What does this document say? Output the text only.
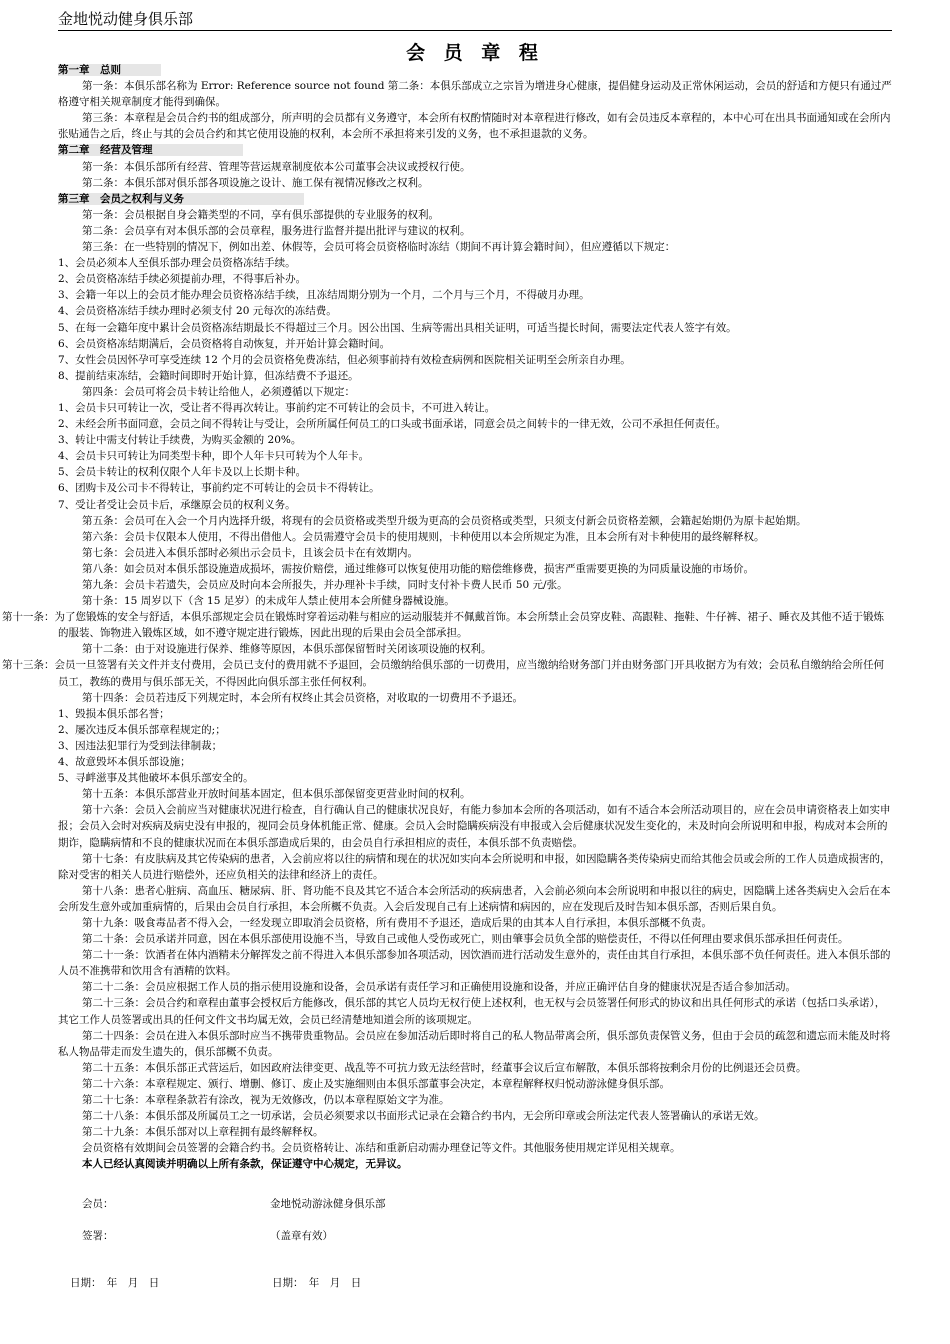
金地悦动健身俱乐部
会 员 章 程

第一章　总则

第一条：本俱乐部名称为 Error: Reference source not found 第二条：本俱乐部成立之宗旨为增进身心健康，提倡健身运动及正常休闲运动，会员的舒适和方便只有通过严格遵守相关规章制度才能得到确保。

第三条：本章程是会员合约书的组成部分，所声明的会员都有义务遵守，本会所有权酌情随时对本章程进行修改，如有会员违反本章程的，本中心可在出具书面通知或在会所内张贴通告之后，终止与其的会员合约和其它使用设施的权利，本会所不承担将来引发的义务，也不承担退款的义务。

第二章　经营及管理

第一条：本俱乐部所有经营、管理等营运规章制度依本公司董事会决议或授权行使。

第二条：本俱乐部对俱乐部各项设施之设计、施工保有视情况修改之权利。

第三章　会员之权利与义务

第一条：会员根据自身会籍类型的不同，享有俱乐部提供的专业服务的权利。

第二条：会员享有对本俱乐部的会员章程，服务进行监督并提出批评与建议的权利。

第三条：在一些特别的情况下，例如出差、休假等，会员可将会员资格临时冻结（期间不再计算会籍时间），但应遵循以下规定：

1、会员必须本人至俱乐部办理会员资格冻结手续。

2、会员资格冻结手续必须提前办理，不得事后补办。

3、会籍一年以上的会员才能办理会员资格冻结手续，且冻结周期分别为一个月，二个月与三个月，不得破月办理。

4、会员资格冻结手续办理时必须支付 20 元每次的冻结费。

5、在每一会籍年度中累计会员资格冻结期最长不得超过三个月。因公出国、生病等需出具相关证明，可适当提长时间，需要法定代表人签字有效。

6、会员资格冻结期满后，会员资格将自动恢复，并开始计算会籍时间。

7、女性会员因怀孕可享受连续 12 个月的会员资格免费冻结，但必须事前持有效检查病例和医院相关证明至会所亲自办理。

8、提前结束冻结，会籍时间即时开始计算，但冻结费不予退还。

第四条：会员可将会员卡转让给他人，必须遵循以下规定：

1、会员卡只可转让一次，受让者不得再次转让。事前约定不可转让的会员卡，不可进入转让。

2、未经会所书面同意，会员之间不得转让与受让，会所所属任何员工的口头或书面承诺，同意会员之间转卡的一律无效，公司不承担任何责任。

3、转让中需支付转让手续费，为购买金额的 20%。

4、会员卡只可转让为同类型卡种，即个人年卡只可转为个人年卡。

5、会员卡转让的权利仅限个人年卡及以上长期卡种。

6、团购卡及公司卡不得转让，事前约定不可转让的会员卡不得转让。

7、受让者受让会员卡后，承继原会员的权利义务。

第五条：会员可在入会一个月内选择升级，将现有的会员资格或类型升级为更高的会员资格或类型，只须支付新会员资格差额，会籍起始期仍为原卡起始期。

第六条：会员卡仅限本人使用，不得出借他人。会员需遵守会员卡的使用规则，卡种使用以本会所规定为准，且本会所有对卡种使用的最终解释权。

第七条：会员进入本俱乐部时必须出示会员卡，且该会员卡在有效期内。

第八条：如会员对本俱乐部设施造成损坏，需按价赔偿，通过维修可以恢复使用功能的赔偿维修费，损害严重需要更换的为同质量设施的市场价。

第九条：会员卡若遗失，会员应及时向本会所报失，并办理补卡手续，同时支付补卡费人民币 50 元/张。

第十条：15 周岁以下（含 15 足岁）的未成年人禁止使用本会所健身器械设施。

第十一条：为了您锻炼的安全与舒适，本俱乐部规定会员在锻炼时穿着运动鞋与相应的运动服装并不佩戴首饰。本会所禁止会员穿皮鞋、高跟鞋、拖鞋、牛仔裤、裙子、睡衣及其他不适于锻炼的服装、饰物进入锻炼区域，如不遵守规定进行锻炼，因此出现的后果由会员全部承担。

第十二条：由于对设施进行保养、维修等原因，本俱乐部保留暂时关闭该项设施的权利。

第十三条：会员一旦签署有关文件并支付费用，会员已支付的费用就不予退回，会员缴纳给俱乐部的一切费用，应当缴纳给财务部门并由财务部门开具收据方为有效；会员私自缴纳给会所任何员工，教练的费用与俱乐部无关，不得因此向俱乐部主张任何权利。

第十四条：会员若违反下列规定时，本会所有权终止其会员资格，对收取的一切费用不予退还。

1、毁损本俱乐部名誉；

2、屡次违反本俱乐部章程规定的;；

3、因违法犯罪行为受到法律制裁；

4、故意毁坏本俱乐部设施；

5、寻衅滋事及其他破坏本俱乐部安全的。

第十五条：本俱乐部营业开放时间基本固定，但本俱乐部保留变更营业时间的权利。

第十六条：会员入会前应当对健康状况进行检查，自行确认自己的健康状况良好，有能力参加本会所的各项活动，如有不适合本会所活动项目的，应在会员申请资格表上如实申报；会员入会时对疾病及病史没有申报的，视同会员身体机能正常、健康。会员入会时隐瞒疾病没有申报或入会后健康状况发生变化的，未及时向会所说明和申报，构成对本会所的期诈，隐瞒病情和不良的健康状况而在本俱乐部造成后果的，由会员自行承担相应的责任，本俱乐部不负责赔偿。

第十七条：有皮肤病及其它传染病的患者，入会前应将以往的病情和现在的状况如实向本会所说明和申报，如因隐瞒各类传染病史而给其他会员或会所的工作人员造成损害的，除对受害的相关人员进行赔偿外，还应负相关的法律和经济上的责任。

第十八条：患者心脏病、高血压、糖尿病、肝、肾功能不良及其它不适合本会所活动的疾病患者，入会前必须向本会所说明和申报以往的病史，因隐瞒上述各类病史入会后在本会所发生意外或加重病情的，后果由会员自行承担，本会所概不负责。入会后发现自己有上述病情和病因的，应在发现后及时告知本俱乐部，否则后果自负。

第十九条：吸食毒品者不得入会，一经发现立即取消会员资格，所有费用不予退还，造成后果的由其本人自行承担，本俱乐部概不负责。

第二十条：会员承诺并同意，因在本俱乐部使用设施不当，导致自己或他人受伤或死亡，则由肇事会员负全部的赔偿责任，不得以任何理由要求俱乐部承担任何责任。

第二十一条：饮酒者在体内酒精未分解挥发之前不得进入本俱乐部参加各项活动，因饮酒而进行活动发生意外的，责任由其自行承担，本俱乐部不负任何责任。进入本俱乐部的人员不准携带和饮用含有酒精的饮料。

第二十二条：会员应根据工作人员的指示使用设施和设备，会员承诺有责任学习和正确使用设施和设备，并应正确评估自身的健康状况是否适合参加活动。

第二十三条：会员合约和章程由董事会授权后方能修改，俱乐部的其它人员均无权行使上述权利，也无权与会员签署任何形式的协议和出具任何形式的承诺（包括口头承诺），其它工作人员签署或出具的任何文件文书均属无效，会员已经清楚地知道会所的该项规定。

第二十四条：会员在进入本俱乐部时应当不携带贵重物品。会员应在参加活动后即时将自己的私人物品带离会所，俱乐部负责保管义务，但由于会员的疏忽和遗忘而未能及时将私人物品带走而发生遗失的，俱乐部概不负责。

第二十五条：本俱乐部正式营运后，如因政府法律变更、战乱等不可抗力致无法经营时，经董事会议后宣布解散，本俱乐部将按剩余月份的比例退还会员费。

第二十六条：本章程规定、颁行、增删、修订、废止及实施细则由本俱乐部董事会决定，本章程解释权归悦动游泳健身俱乐部。

第二十七条：本章程条款若有涂改，视为无效修改，仍以本章程原始文字为准。

第二十八条：本俱乐部及所属员工之一切承诺，会员必须要求以书面形式记录在会籍合约书内，无会所印章或会所法定代表人签署确认的承诺无效。

第二十九条：本俱乐部对以上章程拥有最终解释权。

会员资格有效期间会员签署的会籍合约书。会员资格转让、冻结和重新启动需办理登记等文件。其他服务使用规定详见相关规章。

本人已经认真阅读并明确以上所有条款，保证遵守中心规定，无异议。

会员：	金地悦动游泳健身俱乐部
签署：	（盖章有效）
日期：　年　月　日	日期：　年　月　日
